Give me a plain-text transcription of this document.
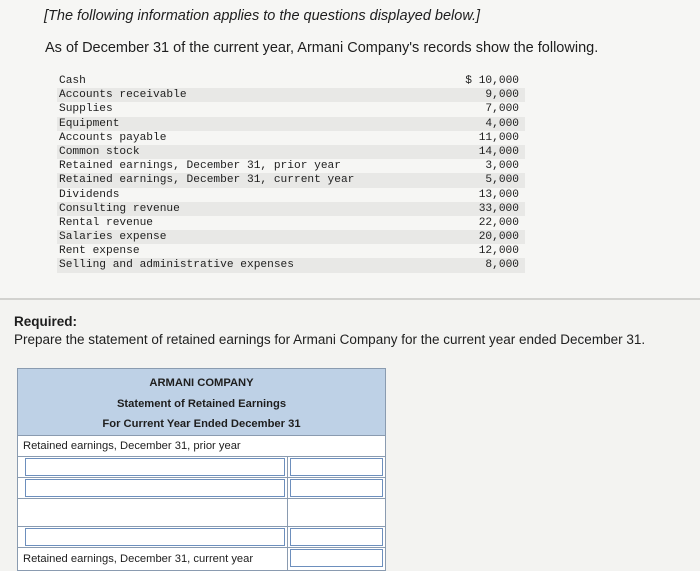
[The following information applies to the questions displayed below.]
As of December 31 of the current year, Armani Company's records show the following.
Cash	$ 10,000
Accounts receivable	9,000
Supplies	7,000
Equipment	4,000
Accounts payable	11,000
Common stock	14,000
Retained earnings, December 31, prior year	3,000
Retained earnings, December 31, current year	5,000
Dividends	13,000
Consulting revenue	33,000
Rental revenue	22,000
Salaries expense	20,000
Rent expense	12,000
Selling and administrative expenses	8,000
Required:
Prepare the statement of retained earnings for Armani Company for the current year ended December 31.
ARMANI COMPANY
Statement of Retained Earnings
For Current Year Ended December 31
Retained earnings, December 31, prior year
Retained earnings, December 31, current year
